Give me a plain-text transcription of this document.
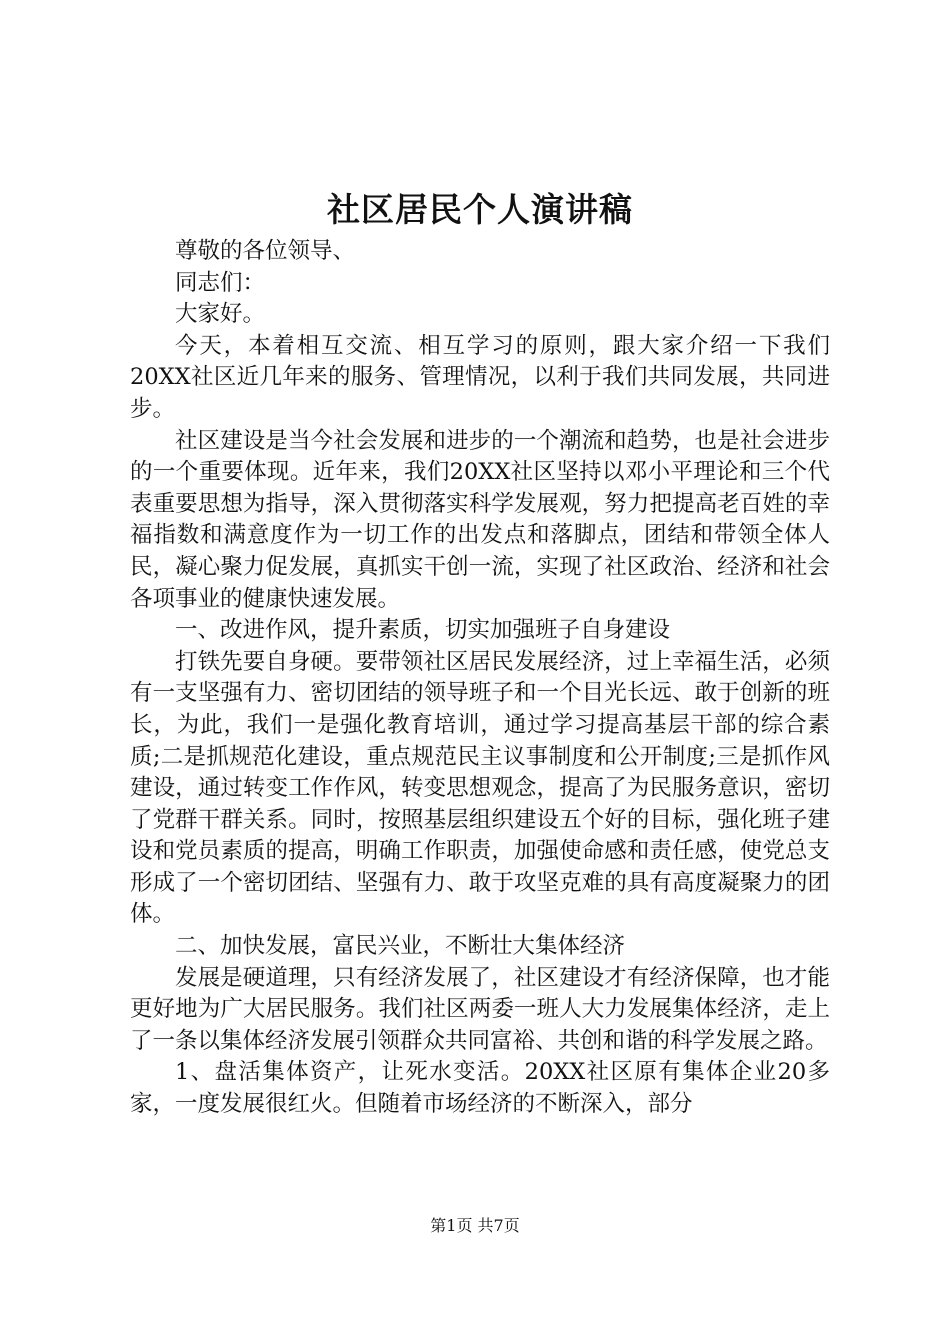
社区居民个人演讲稿

尊敬的各位领导、

同志们：

大家好。

今天，本着相互交流、相互学习的原则，跟大家介绍一下我们20XX社区近几年来的服务、管理情况，以利于我们共同发展，共同进步。

社区建设是当今社会发展和进步的一个潮流和趋势，也是社会进步的一个重要体现。近年来，我们20XX社区坚持以邓小平理论和三个代表重要思想为指导，深入贯彻落实科学发展观，努力把提高老百姓的幸福指数和满意度作为一切工作的出发点和落脚点，团结和带领全体人民，凝心聚力促发展，真抓实干创一流，实现了社区政治、经济和社会各项事业的健康快速发展。

一、改进作风，提升素质，切实加强班子自身建设

打铁先要自身硬。要带领社区居民发展经济，过上幸福生活，必须有一支坚强有力、密切团结的领导班子和一个目光长远、敢于创新的班长，为此，我们一是强化教育培训，通过学习提高基层干部的综合素质;二是抓规范化建设，重点规范民主议事制度和公开制度;三是抓作风建设，通过转变工作作风，转变思想观念，提高了为民服务意识，密切了党群干群关系。同时，按照基层组织建设五个好的目标，强化班子建设和党员素质的提高，明确工作职责，加强使命感和责任感，使党总支形成了一个密切团结、坚强有力、敢于攻坚克难的具有高度凝聚力的团体。

二、加快发展，富民兴业，不断壮大集体经济

发展是硬道理，只有经济发展了，社区建设才有经济保障，也才能更好地为广大居民服务。我们社区两委一班人大力发展集体经济，走上了一条以集体经济发展引领群众共同富裕、共创和谐的科学发展之路。

1、盘活集体资产，让死水变活。20XX社区原有集体企业20多家，一度发展很红火。但随着市场经济的不断深入，部分

第1页 共7页
